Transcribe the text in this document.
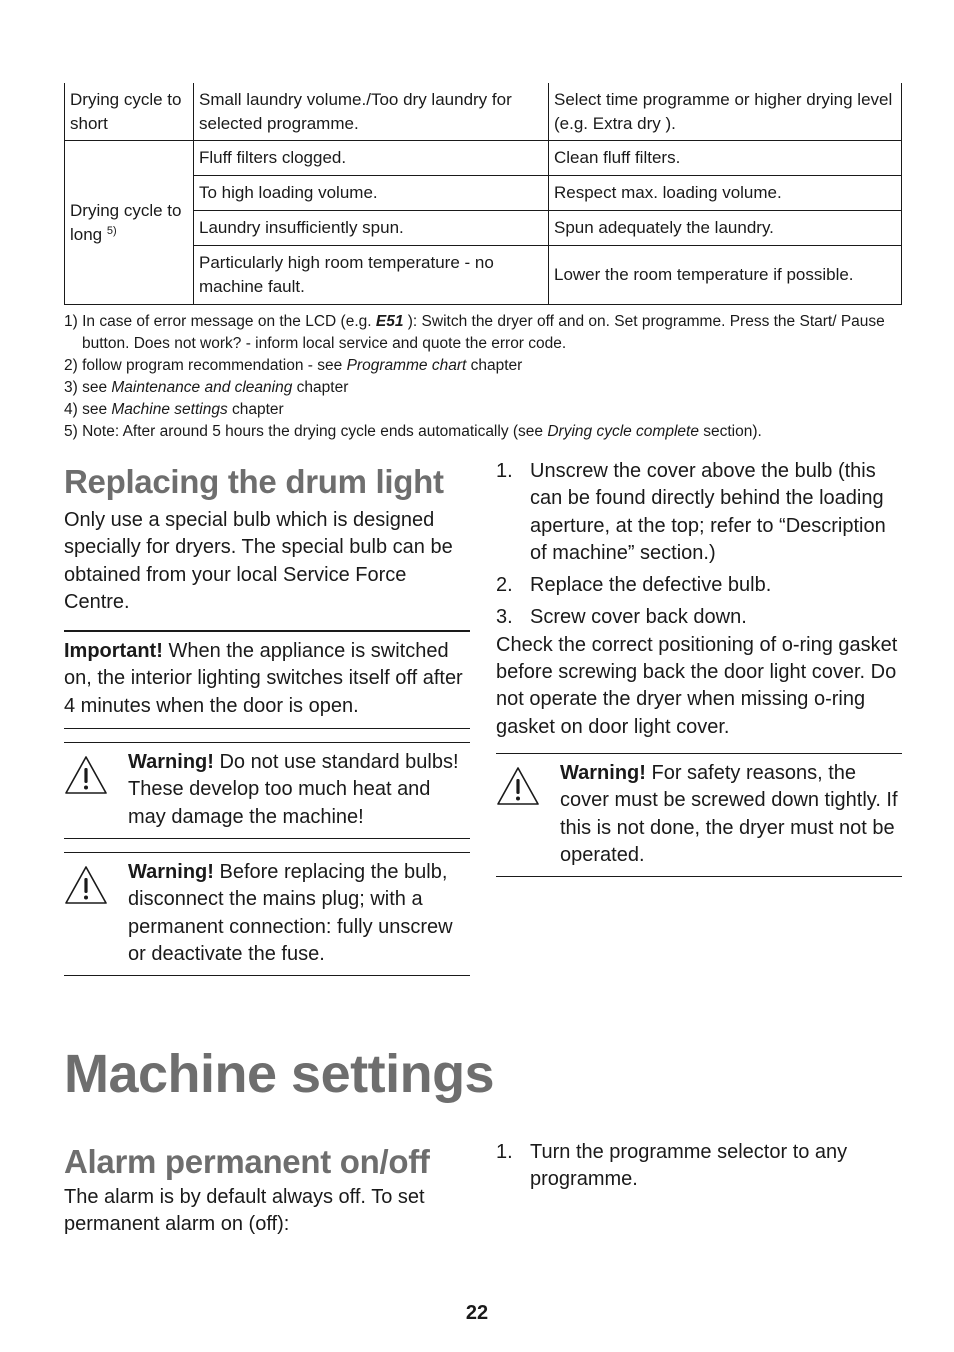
Drying cycle to short	Small laundry volume./Too dry laundry for selected programme.	Select time programme or higher drying level (e.g. Extra dry ).
Drying cycle to long $^{5)}$	Fluff filters clogged.	Clean fluff filters.
	To high loading volume.	Respect max. loading volume.
	Laundry insufficiently spun.	Spun adequately the laundry.
	Particularly high room temperature - no machine fault.	Lower the room temperature if possible.
1) In case of error message on the LCD (e.g. E51 ): Switch the dryer off and on. Set programme. Press the Start/ Pause button. Does not work? - inform local service and quote the error code.
2) follow program recommendation - see Programme chart chapter
3) see Maintenance and cleaning chapter
4) see Machine settings chapter
5) Note: After around 5 hours the drying cycle ends automatically (see Drying cycle complete section).
Replacing the drum light

Only use a special bulb which is designed specially for dryers. The special bulb can be obtained from your local Service Force Centre.

Important! When the appliance is switched on, the interior lighting switches itself off after 4 minutes when the door is open.

Warning! Do not use standard bulbs! These develop too much heat and may damage the machine!
Warning! Before replacing the bulb, disconnect the mains plug; with a permanent connection: fully unscrew or deactivate the fuse.
1. Unscrew the cover above the bulb (this can be found directly behind the loading aperture, at the top; refer to “Description of machine” section.)
2. Replace the defective bulb.
3. Screw cover back down.

Check the correct positioning of o-ring gasket before screwing back the door light cover. Do not operate the dryer when missing o-ring gasket on door light cover.

Warning! For safety reasons, the cover must be screwed down tightly. If this is not done, the dryer must not be operated.
Machine settings
Alarm permanent on/off

The alarm is by default always off. To set permanent alarm on (off):

1. Turn the programme selector to any programme.
22
